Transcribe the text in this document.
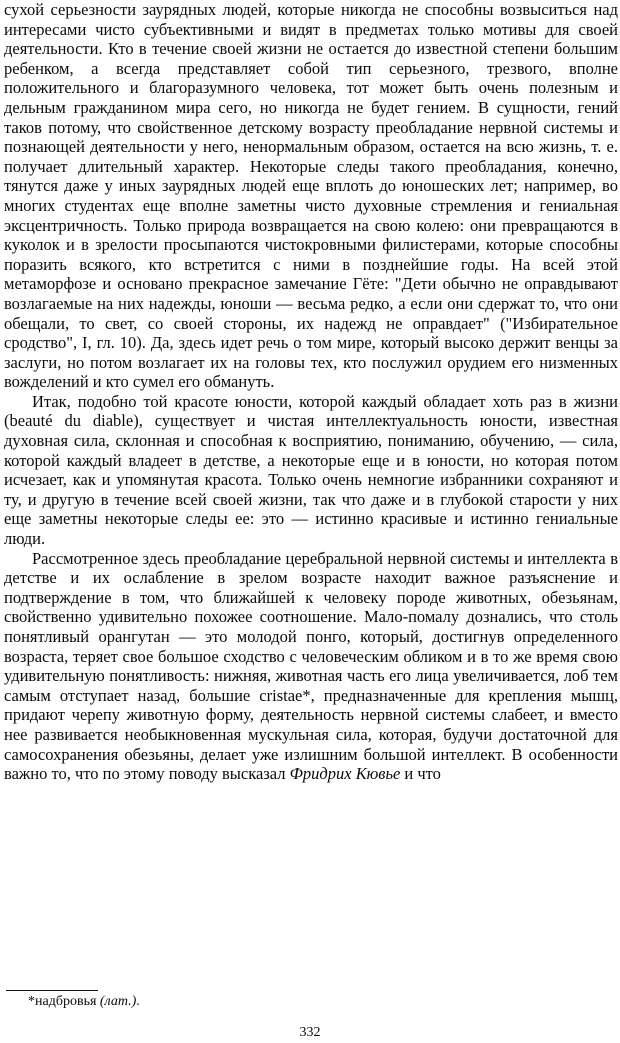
сухой серьезности заурядных людей, которые никогда не способны возвыситься над интересами чисто субъективными и видят в предметах только мотивы для своей деятельности. Кто в течение своей жизни не остается до известной степени большим ребенком, а всегда представляет собой тип серьезного, трезвого, вполне положительного и благоразумного человека, тот может быть очень полезным и дельным гражданином мира сего, но никогда не будет гением. В сущности, гений таков потому, что свойственное детскому возрасту преобладание нервной системы и познающей деятельности у него, ненормальным образом, остается на всю жизнь, т. е. получает длительный характер. Некоторые следы такого преобладания, конечно, тянутся даже у иных заурядных людей еще вплоть до юношеских лет; например, во многих студентах еще вполне заметны чисто духовные стремления и гениальная эксцентричность. Только природа возвращается на свою колею: они превращаются в куколок и в зрелости просыпаются чистокровными филистерами, которые способны поразить всякого, кто встретится с ними в позднейшие годы. На всей этой метаморфозе и основано прекрасное замечание Гёте: "Дети обычно не оправдывают возлагаемые на них надежды, юноши — весьма редко, а если они сдержат то, что они обещали, то свет, со своей стороны, их надежд не оправдает" ("Избирательное сродство", I, гл. 10). Да, здесь идет речь о том мире, который высоко держит венцы за заслуги, но потом возлагает их на головы тех, кто послужил орудием его низменных вожделений и кто сумел его обмануть.

Итак, подобно той красоте юности, которой каждый обладает хоть раз в жизни (beauté du diable), существует и чистая интеллектуальность юности, известная духовная сила, склонная и способная к восприятию, пониманию, обучению, — сила, которой каждый владеет в детстве, а некоторые еще и в юности, но которая потом исчезает, как и упомянутая красота. Только очень немногие избранники сохраняют и ту, и другую в течение всей своей жизни, так что даже и в глубокой старости у них еще заметны некоторые следы ее: это — истинно красивые и истинно гениальные люди.

Рассмотренное здесь преобладание церебральной нервной системы и интеллекта в детстве и их ослабление в зрелом возрасте находит важное разъяснение и подтверждение в том, что ближайшей к человеку породе животных, обезьянам, свойственно удивительно похожее соотношение. Мало-помалу дознались, что столь понятливый орангутан — это молодой понго, который, достигнув определенного возраста, теряет свое большое сходство с человеческим обликом и в то же время свою удивительную понятливость: нижняя, животная часть его лица увеличивается, лоб тем самым отступает назад, большие cristae*, предназначенные для крепления мышц, придают черепу животную форму, деятельность нервной системы слабеет, и вместо нее развивается необыкновенная мускульная сила, которая, будучи достаточной для самосохранения обезьяны, делает уже излишним большой интеллект. В особенности важно то, что по этому поводу высказал Фридрих Кювье и что

*надбровья (лат.).
332
